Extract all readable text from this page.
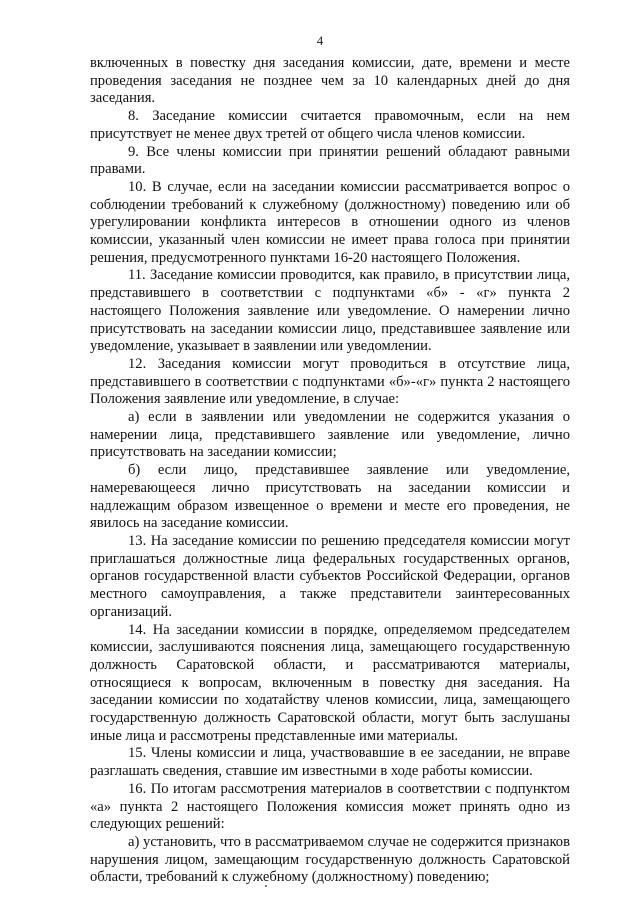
4

включенных в повестку дня заседания комиссии, дате, времени и месте проведения заседания не позднее чем за 10 календарных дней до дня заседания.

8. Заседание комиссии считается правомочным, если на нем присутствует не менее двух третей от общего числа членов комиссии.

9. Все члены комиссии при принятии решений обладают равными правами.

10. В случае, если на заседании комиссии рассматривается вопрос о соблюдении требований к служебному (должностному) поведению или об урегулировании конфликта интересов в отношении одного из членов комиссии, указанный член комиссии не имеет права голоса при принятии решения, предусмотренного пунктами 16-20 настоящего Положения.

11. Заседание комиссии проводится, как правило, в присутствии лица, представившего в соответствии с подпунктами «б» - «г» пункта 2 настоящего Положения заявление или уведомление. О намерении лично присутствовать на заседании комиссии лицо, представившее заявление или уведомление, указывает в заявлении или уведомлении.

12. Заседания комиссии могут проводиться в отсутствие лица, представившего в соответствии с подпунктами «б»-«г» пункта 2 настоящего Положения заявление или уведомление, в случае:

а) если в заявлении или уведомлении не содержится указания о намерении лица, представившего заявление или уведомление, лично присутствовать на заседании комиссии;

б) если лицо, представившее заявление или уведомление, намеревающееся лично присутствовать на заседании комиссии и надлежащим образом извещенное о времени и месте его проведения, не явилось на заседание комиссии.

13. На заседание комиссии по решению председателя комиссии могут приглашаться должностные лица федеральных государственных органов, органов государственной власти субъектов Российской Федерации, органов местного самоуправления, а также представители заинтересованных организаций.

14. На заседании комиссии в порядке, определяемом председателем комиссии, заслушиваются пояснения лица, замещающего государственную должность Саратовской области, и рассматриваются материалы, относящиеся к вопросам, включенным в повестку дня заседания. На заседании комиссии по ходатайству членов комиссии, лица, замещающего государственную должность Саратовской области, могут быть заслушаны иные лица и рассмотрены представленные ими материалы.

15. Члены комиссии и лица, участвовавшие в ее заседании, не вправе разглашать сведения, ставшие им известными в ходе работы комиссии.

16. По итогам рассмотрения материалов в соответствии с подпунктом «а» пункта 2 настоящего Положения комиссия может принять одно из следующих решений:

а) установить, что в рассматриваемом случае не содержится признаков нарушения лицом, замещающим государственную должность Саратовской области, требований к служебному (должностному) поведению;
